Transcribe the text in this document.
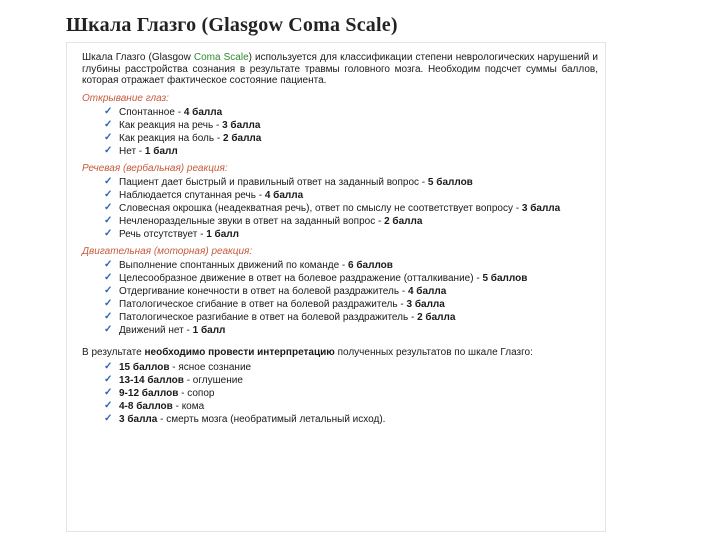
Шкала Глазго (Glasgow Coma Scale)

Шкала Глазго (Glasgow Coma Scale) используется для классификации степени неврологических нарушений и глубины расстройства сознания в результате травмы головного мозга. Необходим подсчет суммы баллов, которая отражает фактическое состояние пациента.

Открывание глаз:
✓ Спонтанное - 4 балла
✓ Как реакция на речь - 3 балла
✓ Как реакция на боль - 2 балла
✓ Нет - 1 балл
Речевая (вербальная) реакция:
✓ Пациент дает быстрый и правильный ответ на заданный вопрос - 5 баллов
✓ Наблюдается спутанная речь - 4 балла
✓ Словесная окрошка (неадекватная речь), ответ по смыслу не соответствует вопросу - 3 балла
✓ Нечленораздельные звуки в ответ на заданный вопрос - 2 балла
✓ Речь отсутствует - 1 балл
Двигательная (моторная) реакция:
✓ Выполнение спонтанных движений по команде - 6 баллов
✓ Целесообразное движение в ответ на болевое раздражение (отталкивание) - 5 баллов
✓ Отдергивание конечности в ответ на болевой раздражитель - 4 балла
✓ Патологическое сгибание в ответ на болевой раздражитель - 3 балла
✓ Патологическое разгибание в ответ на болевой раздражитель - 2 балла
✓ Движений нет - 1 балл

В результате необходимо провести интерпретацию полученных результатов по шкале Глазго:

✓ 15 баллов - ясное сознание
✓ 13-14 баллов - оглушение
✓ 9-12 баллов - сопор
✓ 4-8 баллов - кома
✓ 3 балла - смерть мозга (необратимый летальный исход).
